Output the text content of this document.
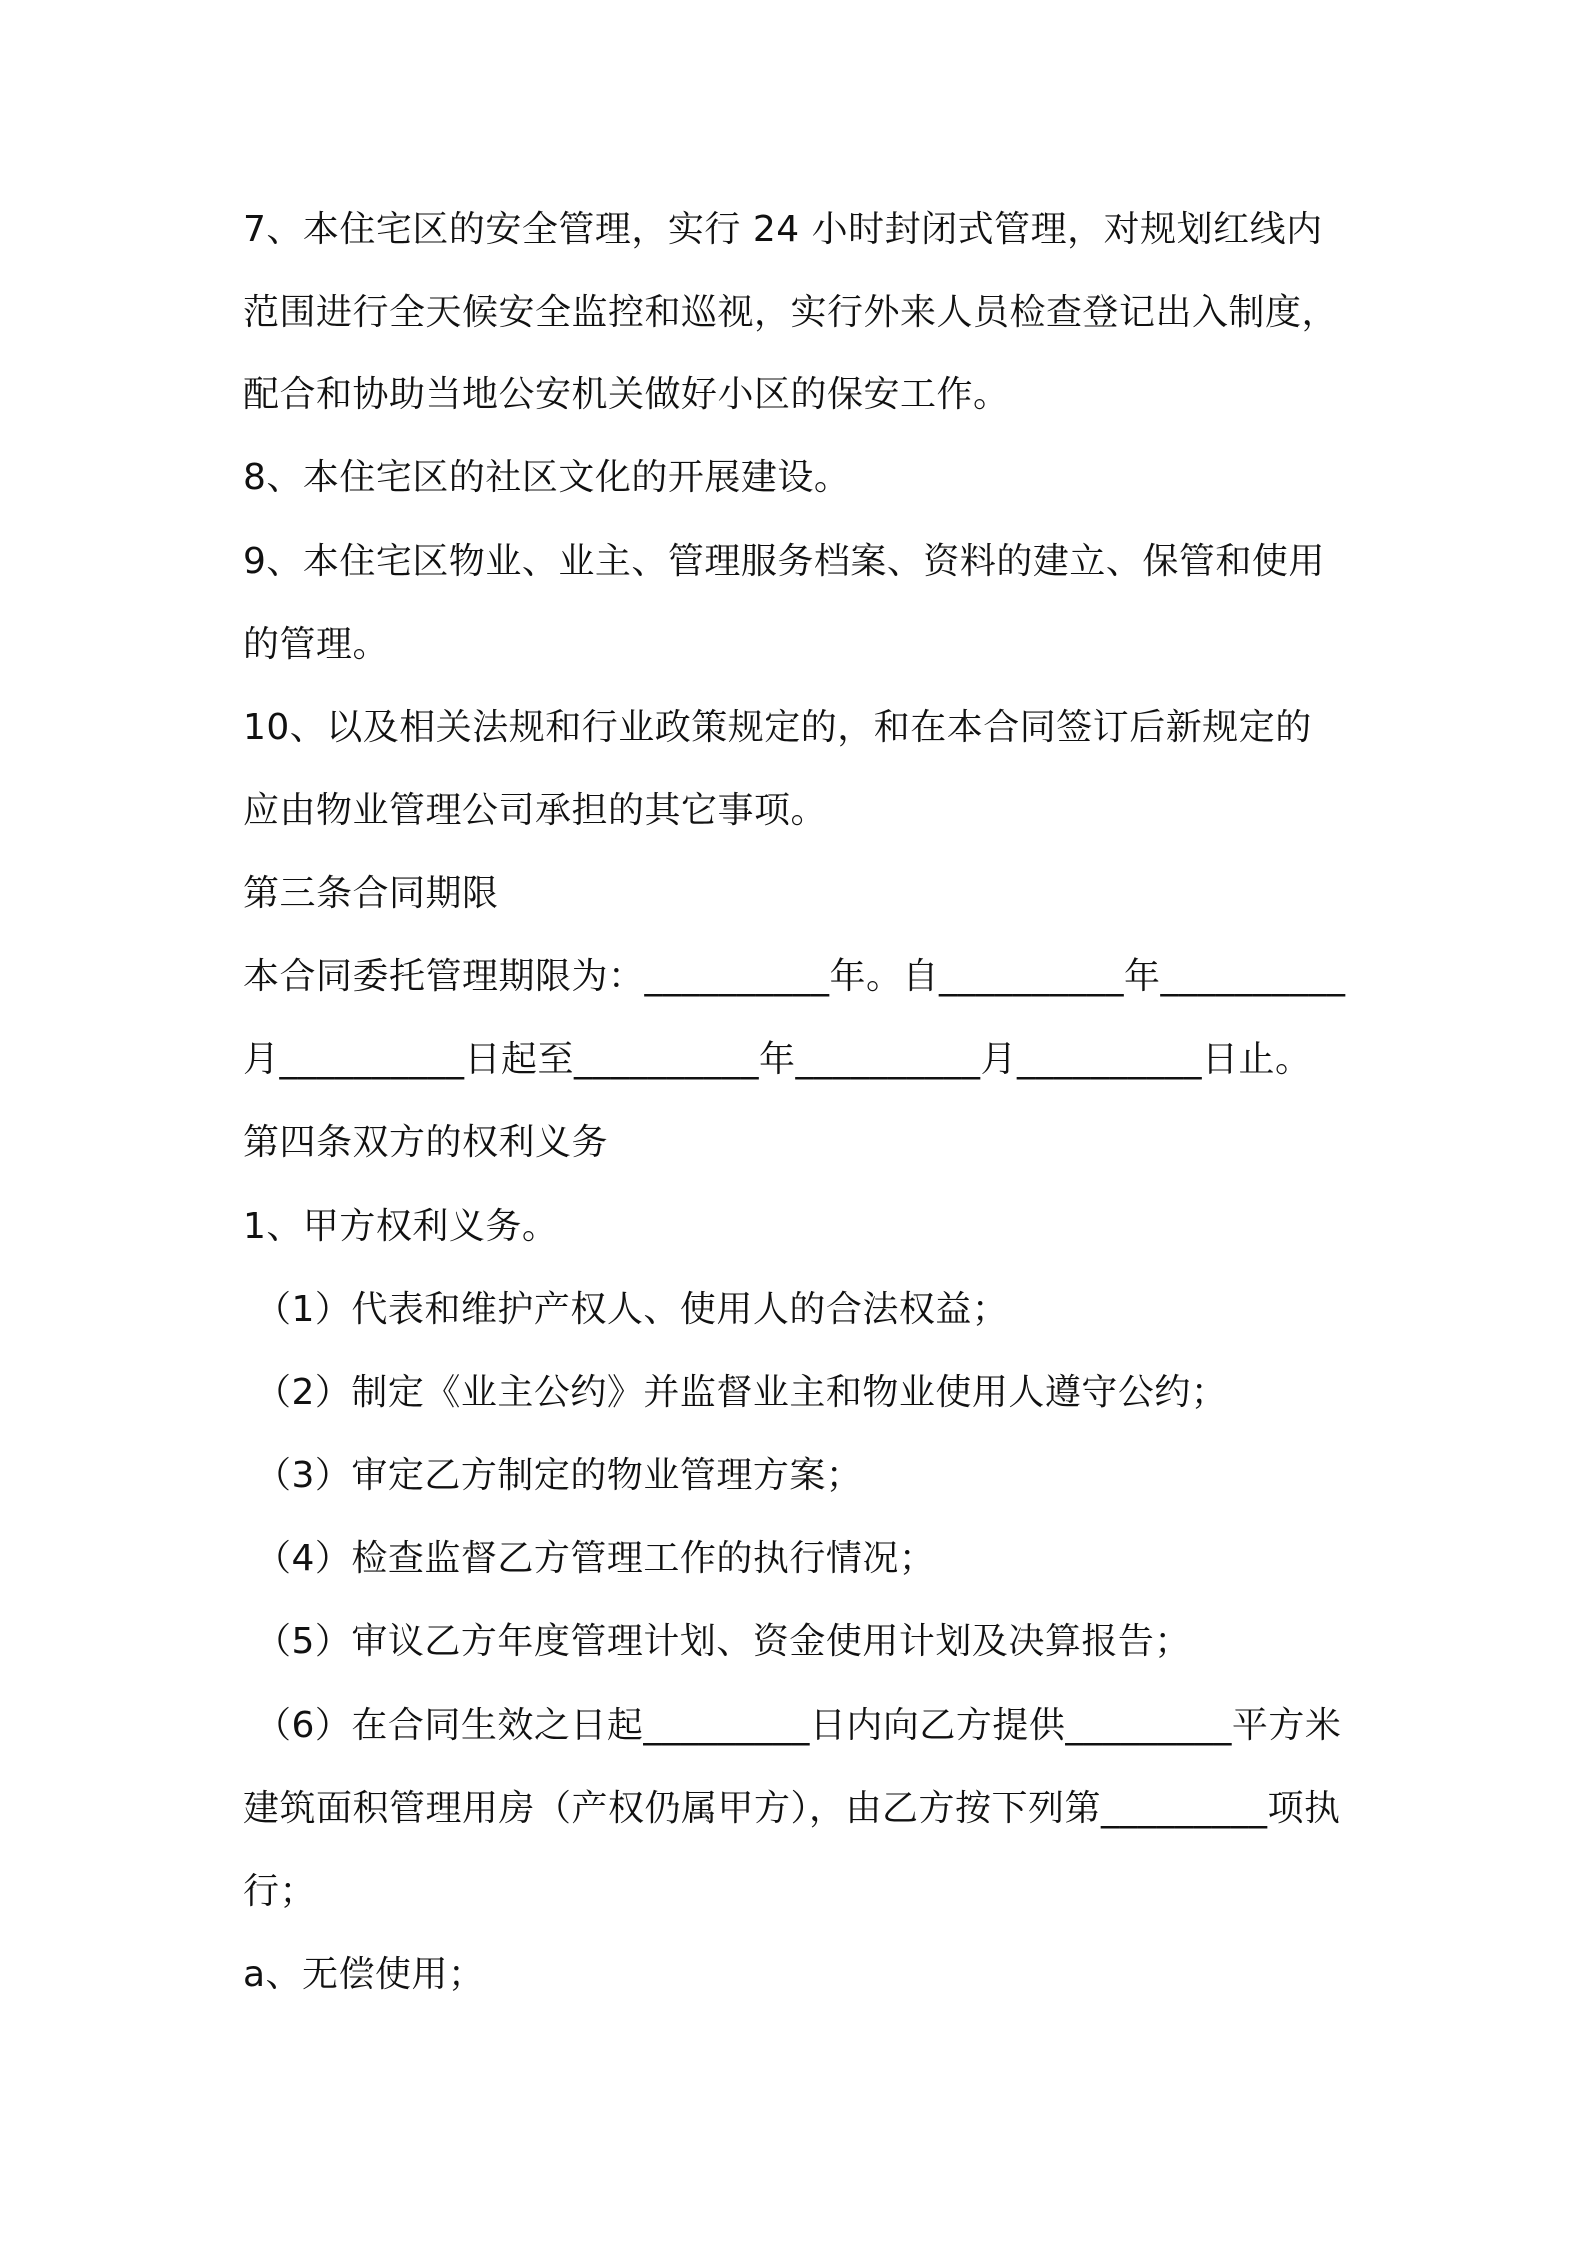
7、本住宅区的安全管理，实行 24 小时封闭式管理，对规划红线内
范围进行全天候安全监控和巡视，实行外来人员检查登记出入制度，
配合和协助当地公安机关做好小区的保安工作。
8、本住宅区的社区文化的开展建设。
9、本住宅区物业、业主、管理服务档案、资料的建立、保管和使用
的管理。
10、以及相关法规和行业政策规定的，和在本合同签订后新规定的
应由物业管理公司承担的其它事项。
第三条合同期限
本合同委托管理期限为：__________年。自__________年__________
月__________日起至__________年__________月__________日止。
第四条双方的权利义务
1、甲方权利义务。
（1）代表和维护产权人、使用人的合法权益；
（2）制定《业主公约》并监督业主和物业使用人遵守公约；
（3）审定乙方制定的物业管理方案；
（4）检查监督乙方管理工作的执行情况；
（5）审议乙方年度管理计划、资金使用计划及决算报告；
（6）在合同生效之日起_________日内向乙方提供_________平方米
建筑面积管理用房（产权仍属甲方），由乙方按下列第_________项执
行；
a、无偿使用；
